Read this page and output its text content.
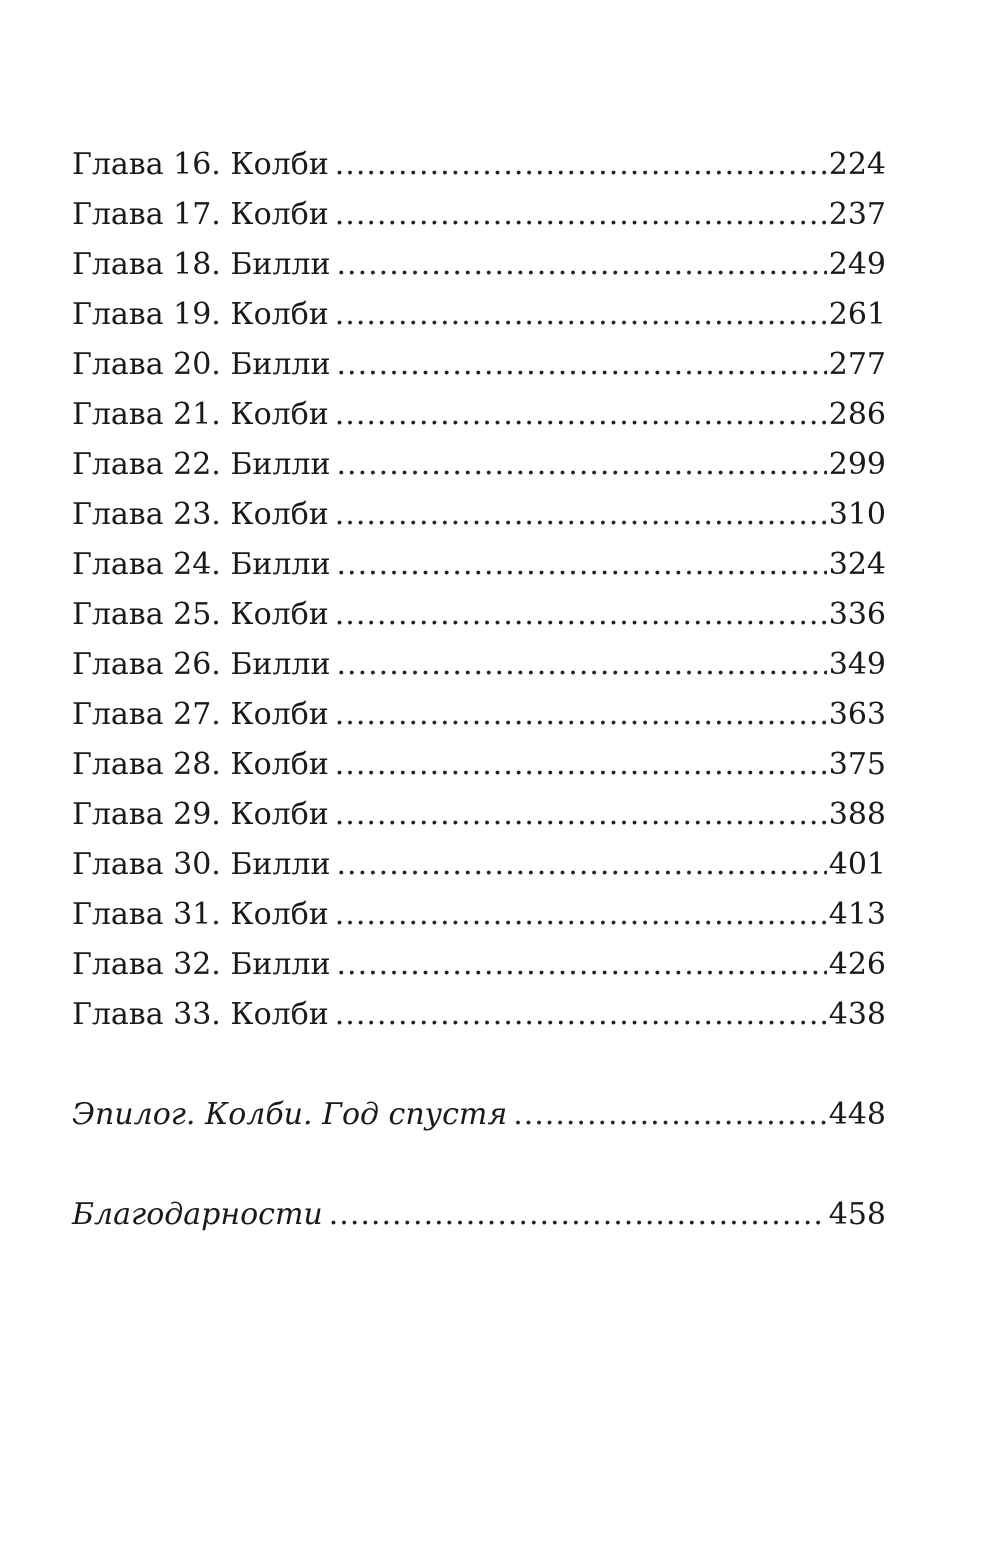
Глава 16. Колби .....	224
Глава 17. Колби .....	237
Глава 18. Билли .....	249
Глава 19. Колби .....	261
Глава 20. Билли .....	277
Глава 21. Колби .....	286
Глава 22. Билли .....	299
Глава 23. Колби .....	310
Глава 24. Билли .....	324
Глава 25. Колби .....	336
Глава 26. Билли .....	349
Глава 27. Колби .....	363
Глава 28. Колби .....	375
Глава 29. Колби .....	388
Глава 30. Билли .....	401
Глава 31. Колби .....	413
Глава 32. Билли .....	426
Глава 33. Колби .....	438
Эпилог. Колби. Год спустя .....	448
Благодарности .....	458
